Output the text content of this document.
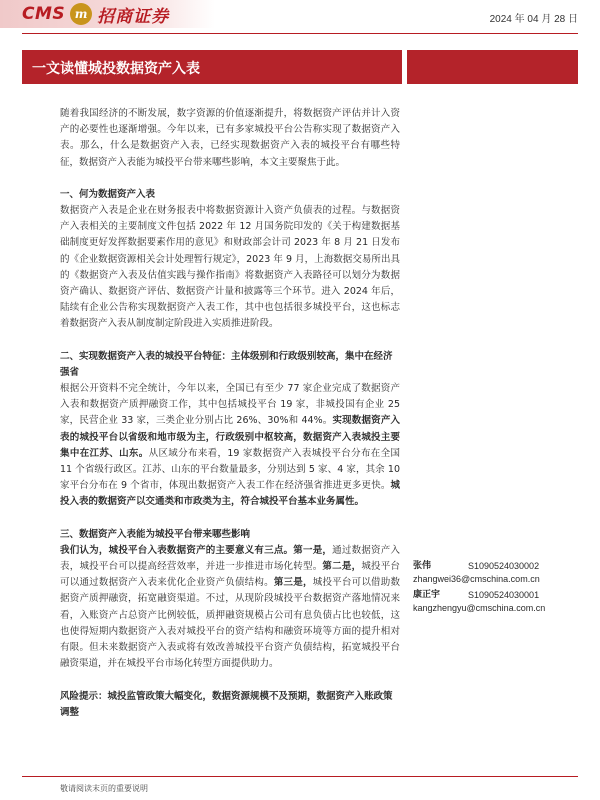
CMS m 招商证券	2024 年 04 月 28 日
一文读懂城投数据资产入表

随着我国经济的不断发展，数字资源的价值逐渐提升，将数据资产评估并计入资产的必要性也逐渐增强。今年以来，已有多家城投平台公告称实现了数据资产入表。那么，什么是数据资产入表，已经实现数据资产入表的城投平台有哪些特征，数据资产入表能为城投平台带来哪些影响，本文主要聚焦于此。

一、何为数据资产入表

数据资产入表是企业在财务报表中将数据资源计入资产负债表的过程。与数据资产入表相关的主要制度文件包括 2022 年 12 月国务院印发的《关于构建数据基础制度更好发挥数据要素作用的意见》和财政部会计司 2023 年 8 月 21 日发布的《企业数据资源相关会计处理暂行规定》，2023 年 9 月，上海数据交易所出具的《数据资产入表及估值实践与操作指南》将数据资产入表路径可以划分为数据资产确认、数据资产评估、数据资产计量和披露等三个环节。进入 2024 年后，陆续有企业公告称实现数据资产入表工作，其中也包括很多城投平台，这也标志着数据资产入表从制度制定阶段进入实质推进阶段。

二、实现数据资产入表的城投平台特征：主体级别和行政级别较高，集中在经济强省

根据公开资料不完全统计，今年以来，全国已有至少 77 家企业完成了数据资产入表和数据资产质押融资工作，其中包括城投平台 19 家，非城投国有企业 25 家，民营企业 33 家，三类企业分别占比 26%、30%和 44%。实现数据资产入表的城投平台以省级和地市级为主，行政级别中枢较高，数据资产入表城投主要集中在江苏、山东。从区域分布来看，19 家数据资产入表城投平台分布在全国 11 个省级行政区。江苏、山东的平台数量最多，分别达到 5 家、4 家，其余 10 家平台分布在 9 个省市，体现出数据资产入表工作在经济强省推进更多更快。城投入表的数据资产以交通类和市政类为主，符合城投平台基本业务属性。

三、数据资产入表能为城投平台带来哪些影响

我们认为，城投平台入表数据资产的主要意义有三点。第一是，通过数据资产入表，城投平台可以提高经营效率，并进一步推进市场化转型。第二是，城投平台可以通过数据资产入表来优化企业资产负债结构。第三是，城投平台可以借助数据资产质押融资，拓宽融资渠道。不过，从现阶段城投平台数据资产落地情况来看，入账资产占总资产比例较低，质押融资规模占公司有息负债占比也较低，这也使得短期内数据资产入表对城投平台的资产结构和融资环境等方面的提升相对有限。但未来数据资产入表或将有效改善城投平台资产负债结构，拓宽城投平台融资渠道，并在城投平台市场化转型方面提供助力。

风险提示：城投监管政策大幅变化，数据资源规模不及预期，数据资产入账政策调整

张伟	S1090524030002
zhangwei36@cmschina.com.cn
康正宇	S1090524030001
kangzhengyu@cmschina.com.cn
敬请阅读末页的重要说明
